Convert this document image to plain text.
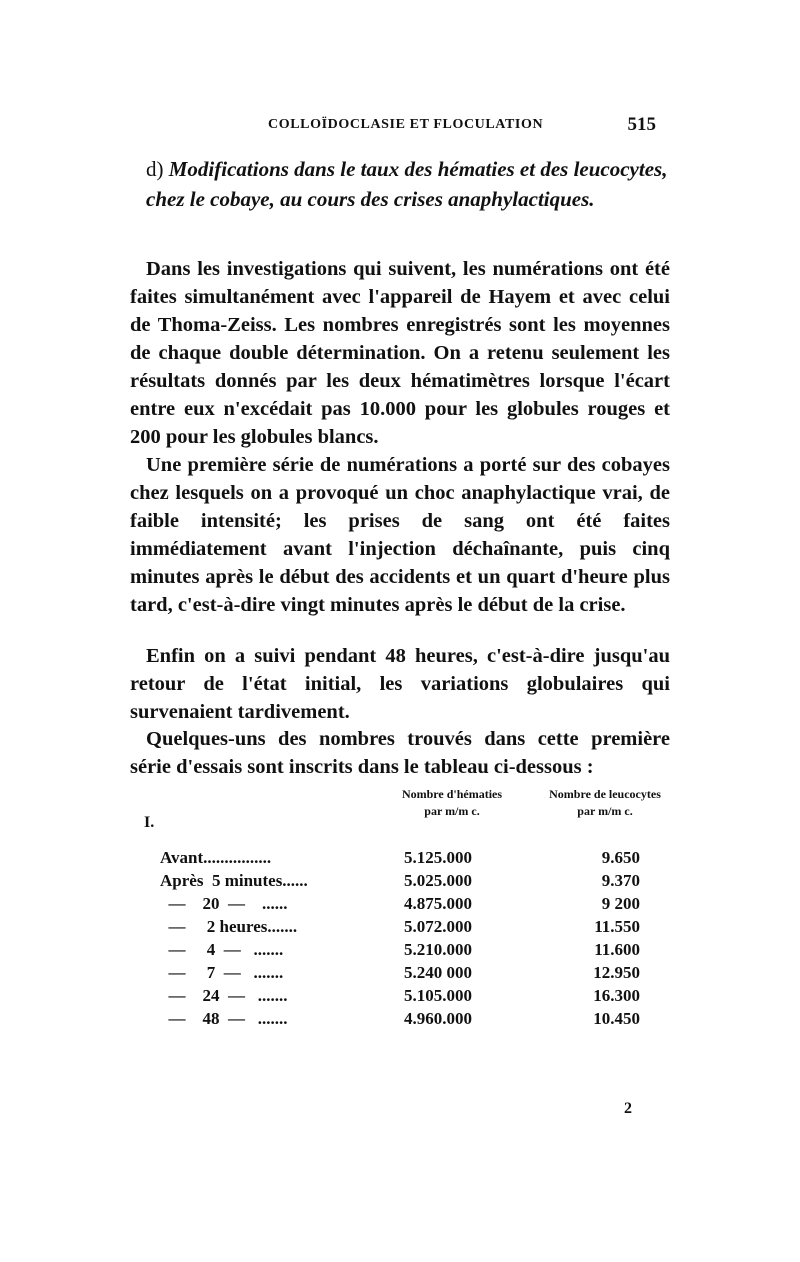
COLLOÏDOCLASIE ET FLOCULATION	515
d) Modifications dans le taux des hématies et des leucocytes, chez le cobaye, au cours des crises anaphylactiques.

Dans les investigations qui suivent, les numérations ont été faites simultanément avec l'appareil de Hayem et avec celui de Thoma-Zeiss. Les nombres enregistrés sont les moyennes de chaque double détermination. On a retenu seulement les résultats donnés par les deux hématimètres lorsque l'écart entre eux n'excédait pas 10.000 pour les globules rouges et 200 pour les globules blancs.

Une première série de numérations a porté sur des cobayes chez lesquels on a provoqué un choc anaphylactique vrai, de faible intensité; les prises de sang ont été faites immédiatement avant l'injection déchaînante, puis cinq minutes après le début des accidents et un quart d'heure plus tard, c'est-à-dire vingt minutes après le début de la crise.

Enfin on a suivi pendant 48 heures, c'est-à-dire jusqu'au retour de l'état initial, les variations globulaires qui survenaient tardivement.

Quelques-uns des nombres trouvés dans cette première série d'essais sont inscrits dans le tableau ci-dessous :

I.
Nombre d'hématies
par m/m c.
Nombre de leucocytes
par m/m c.
Avant................	5.125.000	9.650
Après  5 minutes......	5.025.000	9.370
—    20  —    ......	4.875.000	9 200
—     2 heures.......	5.072.000	11.550
—     4  —   .......	5.210.000	11.600
—     7  —   .......	5.240 000	12.950
—    24  —   .......	5.105.000	16.300
—    48  —   .......	4.960.000	10.450
2
